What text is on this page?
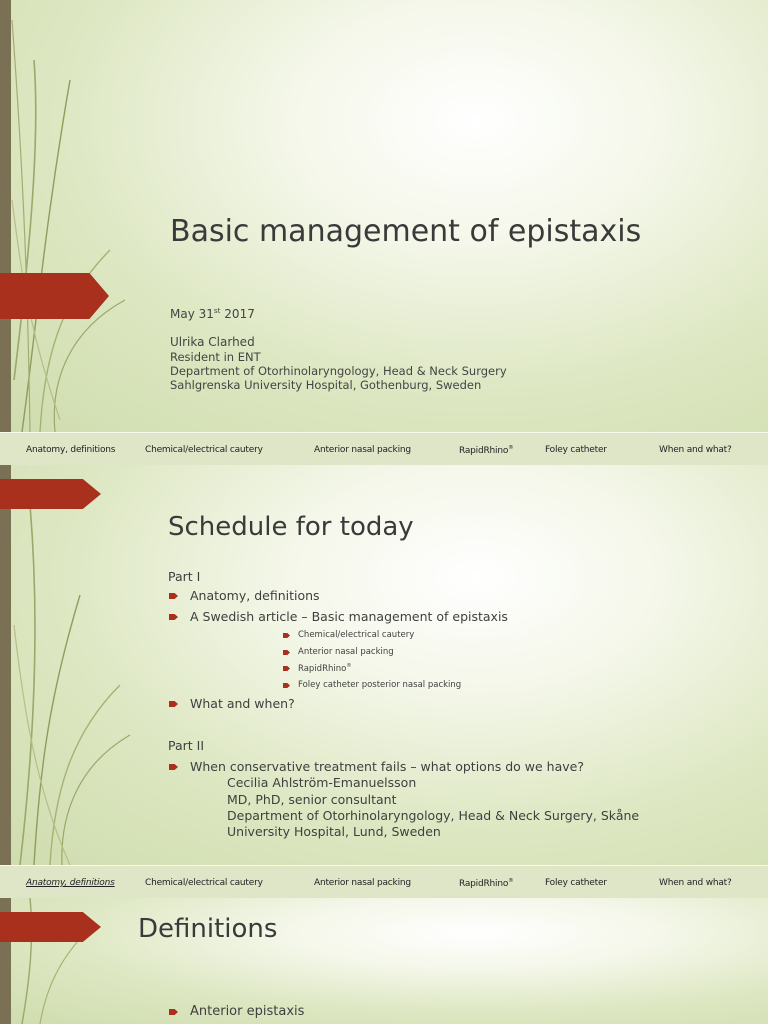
Basic management of epistaxis
May 31st 2017
Ulrika Clarhed
Resident in ENT
Department of Otorhinolaryngology, Head & Neck Surgery
Sahlgrenska University Hospital, Gothenburg, Sweden
Anatomy, definitions	Chemical/electrical cautery	Anterior nasal packing	RapidRhino®	Foley catheter	When and what?
Schedule for today
Part I
Anatomy, definitions
A Swedish article – Basic management of epistaxis
Chemical/electrical cautery
Anterior nasal packing
RapidRhino®
Foley catheter posterior nasal packing
What and when?
Part II
When conservative treatment fails – what options do we have?
Cecilia Ahlström-Emanuelsson
MD, PhD, senior consultant
Department of Otorhinolaryngology, Head & Neck Surgery, Skåne
University Hospital, Lund, Sweden
Anatomy, definitions	Chemical/electrical cautery	Anterior nasal packing	RapidRhino®	Foley catheter	When and what?
Definitions
Anterior epistaxis
